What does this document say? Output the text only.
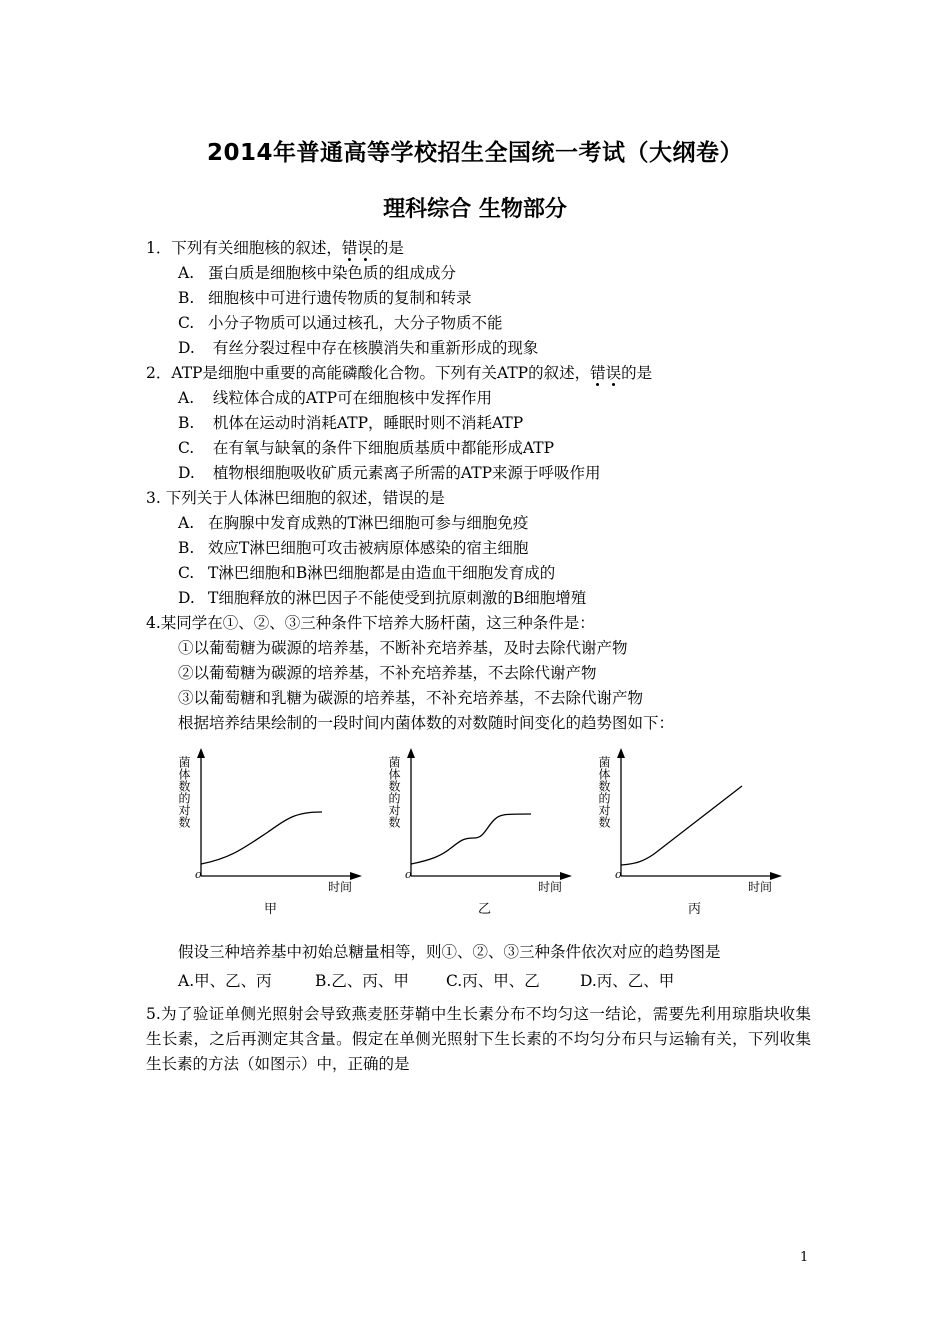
2014年普通高等学校招生全国统一考试（大纲卷）
理科综合 生物部分
1．下列有关细胞核的叙述，错误的是
A. 蛋白质是细胞核中染色质的组成成分
B. 细胞核中可进行遗传物质的复制和转录
C. 小分子物质可以通过核孔，大分子物质不能
D. 有丝分裂过程中存在核膜消失和重新形成的现象
2．ATP是细胞中重要的高能磷酸化合物。下列有关ATP的叙述，错误的是
A. 线粒体合成的ATP可在细胞核中发挥作用
B. 机体在运动时消耗ATP，睡眠时则不消耗ATP
C. 在有氧与缺氧的条件下细胞质基质中都能形成ATP
D. 植物根细胞吸收矿质元素离子所需的ATP来源于呼吸作用
3. 下列关于人体淋巴细胞的叙述，错误的是
A. 在胸腺中发育成熟的T淋巴细胞可参与细胞免疫
B. 效应T淋巴细胞可攻击被病原体感染的宿主细胞
C. T淋巴细胞和B淋巴细胞都是由造血干细胞发育成的
D. T细胞释放的淋巴因子不能使受到抗原刺激的B细胞增殖
4.某同学在①、②、③三种条件下培养大肠杆菌，这三种条件是：
①以葡萄糖为碳源的培养基，不断补充培养基，及时去除代谢产物
②以葡萄糖为碳源的培养基，不补充培养基，不去除代谢产物
③以葡萄糖和乳糖为碳源的培养基，不补充培养基，不去除代谢产物
根据培养结果绘制的一段时间内菌体数的对数随时间变化的趋势图如下：
菌体数的对数
o
时间
甲
菌体数的对数
o
时间
乙
菌体数的对数
o
时间
丙
假设三种培养基中初始总糖量相等，则①、②、③三种条件依次对应的趋势图是
A.甲、乙、丙	B.乙、丙、甲 C.丙、甲、乙	D.丙、乙、甲
5.为了验证单侧光照射会导致燕麦胚芽鞘中生长素分布不均匀这一结论，需要先利用琼脂块收集生长素，之后再测定其含量。假定在单侧光照射下生长素的不均匀分布只与运输有关，下列收集生长素的方法（如图示）中，正确的是
1
